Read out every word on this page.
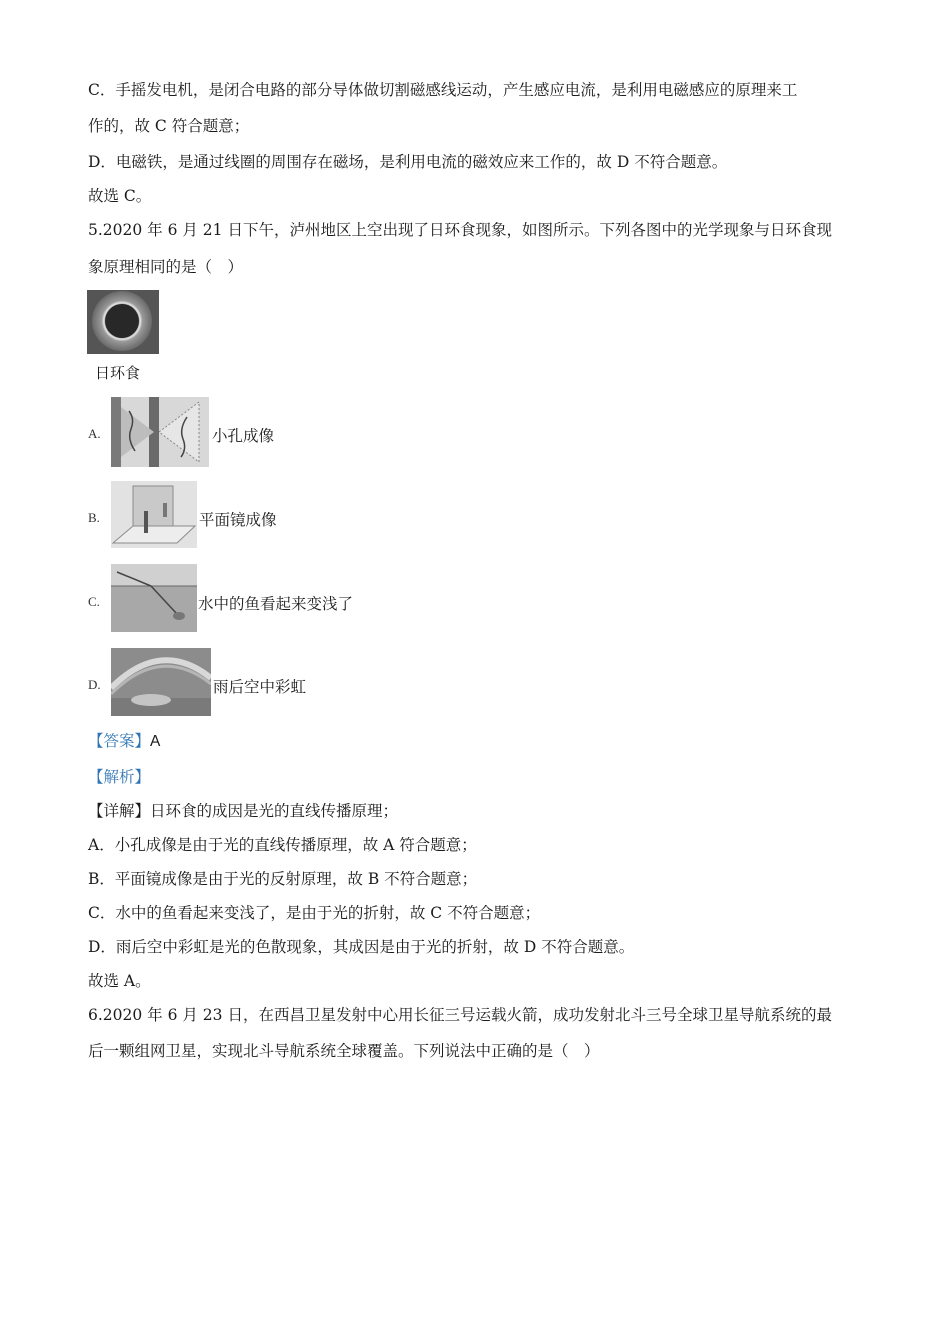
C．手摇发电机，是闭合电路的部分导体做切割磁感线运动，产生感应电流，是利用电磁感应的原理来工
作的，故 C 符合题意；
D．电磁铁，是通过线圈的周围存在磁场，是利用电流的磁效应来工作的，故 D 不符合题意。
故选 C。
5.2020 年 6 月 21 日下午，泸州地区上空出现了日环食现象，如图所示。下列各图中的光学现象与日环食现
象原理相同的是（　）
日环食
A.	小孔成像
B.	平面镜成像
C.	水中的鱼看起来变浅了
D.	雨后空中彩虹
【答案】A
【解析】
【详解】日环食的成因是光的直线传播原理；
A．小孔成像是由于光的直线传播原理，故 A 符合题意；
B．平面镜成像是由于光的反射原理，故 B 不符合题意；
C．水中的鱼看起来变浅了，是由于光的折射，故 C 不符合题意；
D．雨后空中彩虹是光的色散现象，其成因是由于光的折射，故 D 不符合题意。
故选 A。
6.2020 年 6 月 23 日，在西昌卫星发射中心用长征三号运载火箭，成功发射北斗三号全球卫星导航系统的最
后一颗组网卫星，实现北斗导航系统全球覆盖。下列说法中正确的是（　）
